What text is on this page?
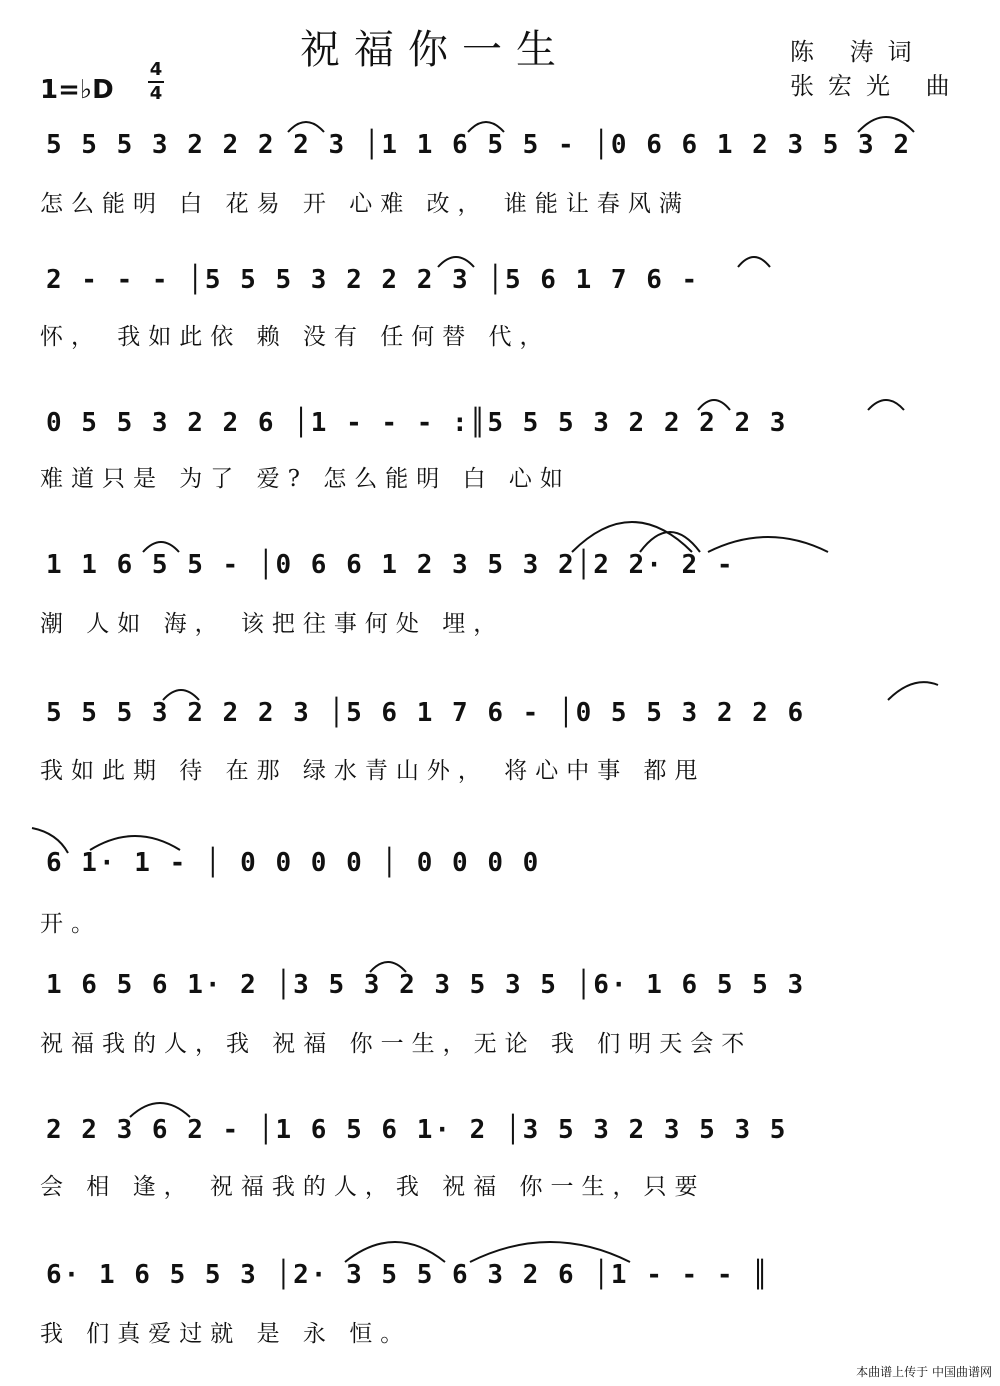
祝福你一生	陈 涛词
张宏光 曲
1=♭D
4
4
5 5 5 3 2 2 2 2 3 │1 1 6 5 5 - │0 6 6 1 2 3 5 3 2
怎么能明 白 花易 开 心难 改， 谁能让春风满
2 - - - │5 5 5 3 2 2 2 3 │5 6 1 7 6 -
怀， 我如此依 赖 没有 任何替 代，
0 5 5 3 2 2 6 │1 - - - :║5 5 5 3 2 2 2 2 3
难道只是 为了 爱? 怎么能明 白 心如
1 1 6 5 5 - │0 6 6 1 2 3 5 3 2│2 2· 2 -
潮 人如 海， 该把往事何处 埋，
5 5 5 3 2 2 2 3 │5 6 1 7 6 - │0 5 5 3 2 2 6
我如此期 待 在那 绿水青山外， 将心中事 都甩
6 1· 1 - │ 0 0 0 0 │ 0 0 0 0
开。
1 6 5 6 1· 2 │3 5 3 2 3 5 3 5 │6· 1 6 5 5 3
祝福我的人，我 祝福 你一生，无论 我 们明天会不
2 2 3 6 2 - │1 6 5 6 1· 2 │3 5 3 2 3 5 3 5
会 相 逢， 祝福我的人，我 祝福 你一生，只要
6· 1 6 5 5 3 │2· 3 5 5 6 3 2 6 │1 - - - ║
我 们真爱过就 是 永 恒。
本曲谱上传于 中国曲谱网
